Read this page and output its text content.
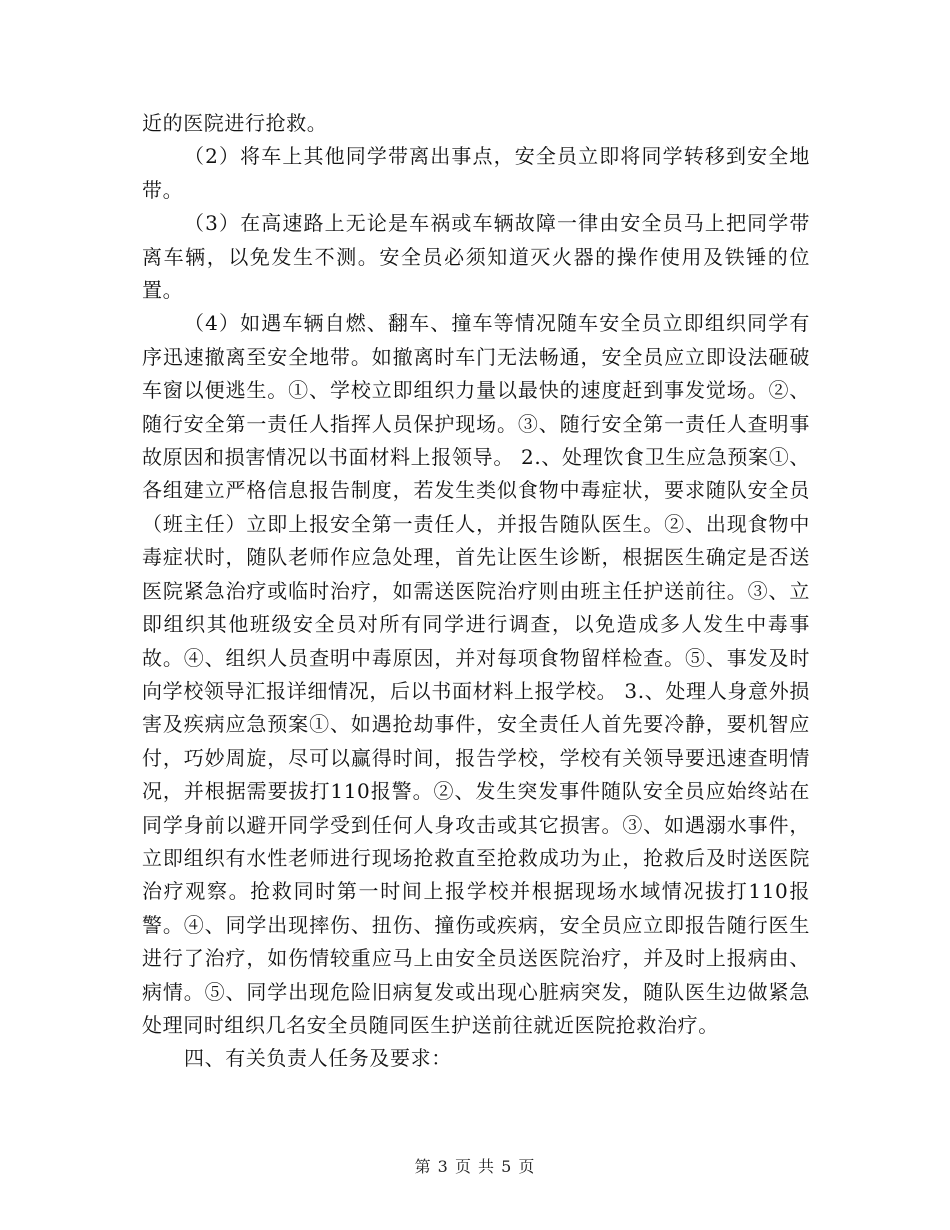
近的医院进行抢救。

（2）将车上其他同学带离出事点，安全员立即将同学转移到安全地带。

（3）在高速路上无论是车祸或车辆故障一律由安全员马上把同学带离车辆，以免发生不测。安全员必须知道灭火器的操作使用及铁锤的位置。

（4）如遇车辆自燃、翻车、撞车等情况随车安全员立即组织同学有序迅速撤离至安全地带。如撤离时车门无法畅通，安全员应立即设法砸破车窗以便逃生。①、学校立即组织力量以最快的速度赶到事发觉场。②、随行安全第一责任人指挥人员保护现场。③、随行安全第一责任人查明事故原因和损害情况以书面材料上报领导。 2.、处理饮食卫生应急预案①、各组建立严格信息报告制度，若发生类似食物中毒症状，要求随队安全员（班主任）立即上报安全第一责任人，并报告随队医生。②、出现食物中毒症状时，随队老师作应急处理，首先让医生诊断，根据医生确定是否送医院紧急治疗或临时治疗，如需送医院治疗则由班主任护送前往。③、立即组织其他班级安全员对所有同学进行调查，以免造成多人发生中毒事故。④、组织人员查明中毒原因，并对每项食物留样检查。⑤、事发及时向学校领导汇报详细情况，后以书面材料上报学校。 3.、处理人身意外损害及疾病应急预案①、如遇抢劫事件，安全责任人首先要冷静，要机智应付，巧妙周旋，尽可以赢得时间，报告学校，学校有关领导要迅速查明情况，并根据需要拔打110报警。②、发生突发事件随队安全员应始终站在同学身前以避开同学受到任何人身攻击或其它损害。③、如遇溺水事件，立即组织有水性老师进行现场抢救直至抢救成功为止，抢救后及时送医院治疗观察。抢救同时第一时间上报学校并根据现场水域情况拔打110报警。④、同学出现摔伤、扭伤、撞伤或疾病，安全员应立即报告随行医生进行了治疗，如伤情较重应马上由安全员送医院治疗，并及时上报病由、病情。⑤、同学出现危险旧病复发或出现心脏病突发，随队医生边做紧急处理同时组织几名安全员随同医生护送前往就近医院抢救治疗。

四、有关负责人任务及要求：

第 3 页 共 5 页
